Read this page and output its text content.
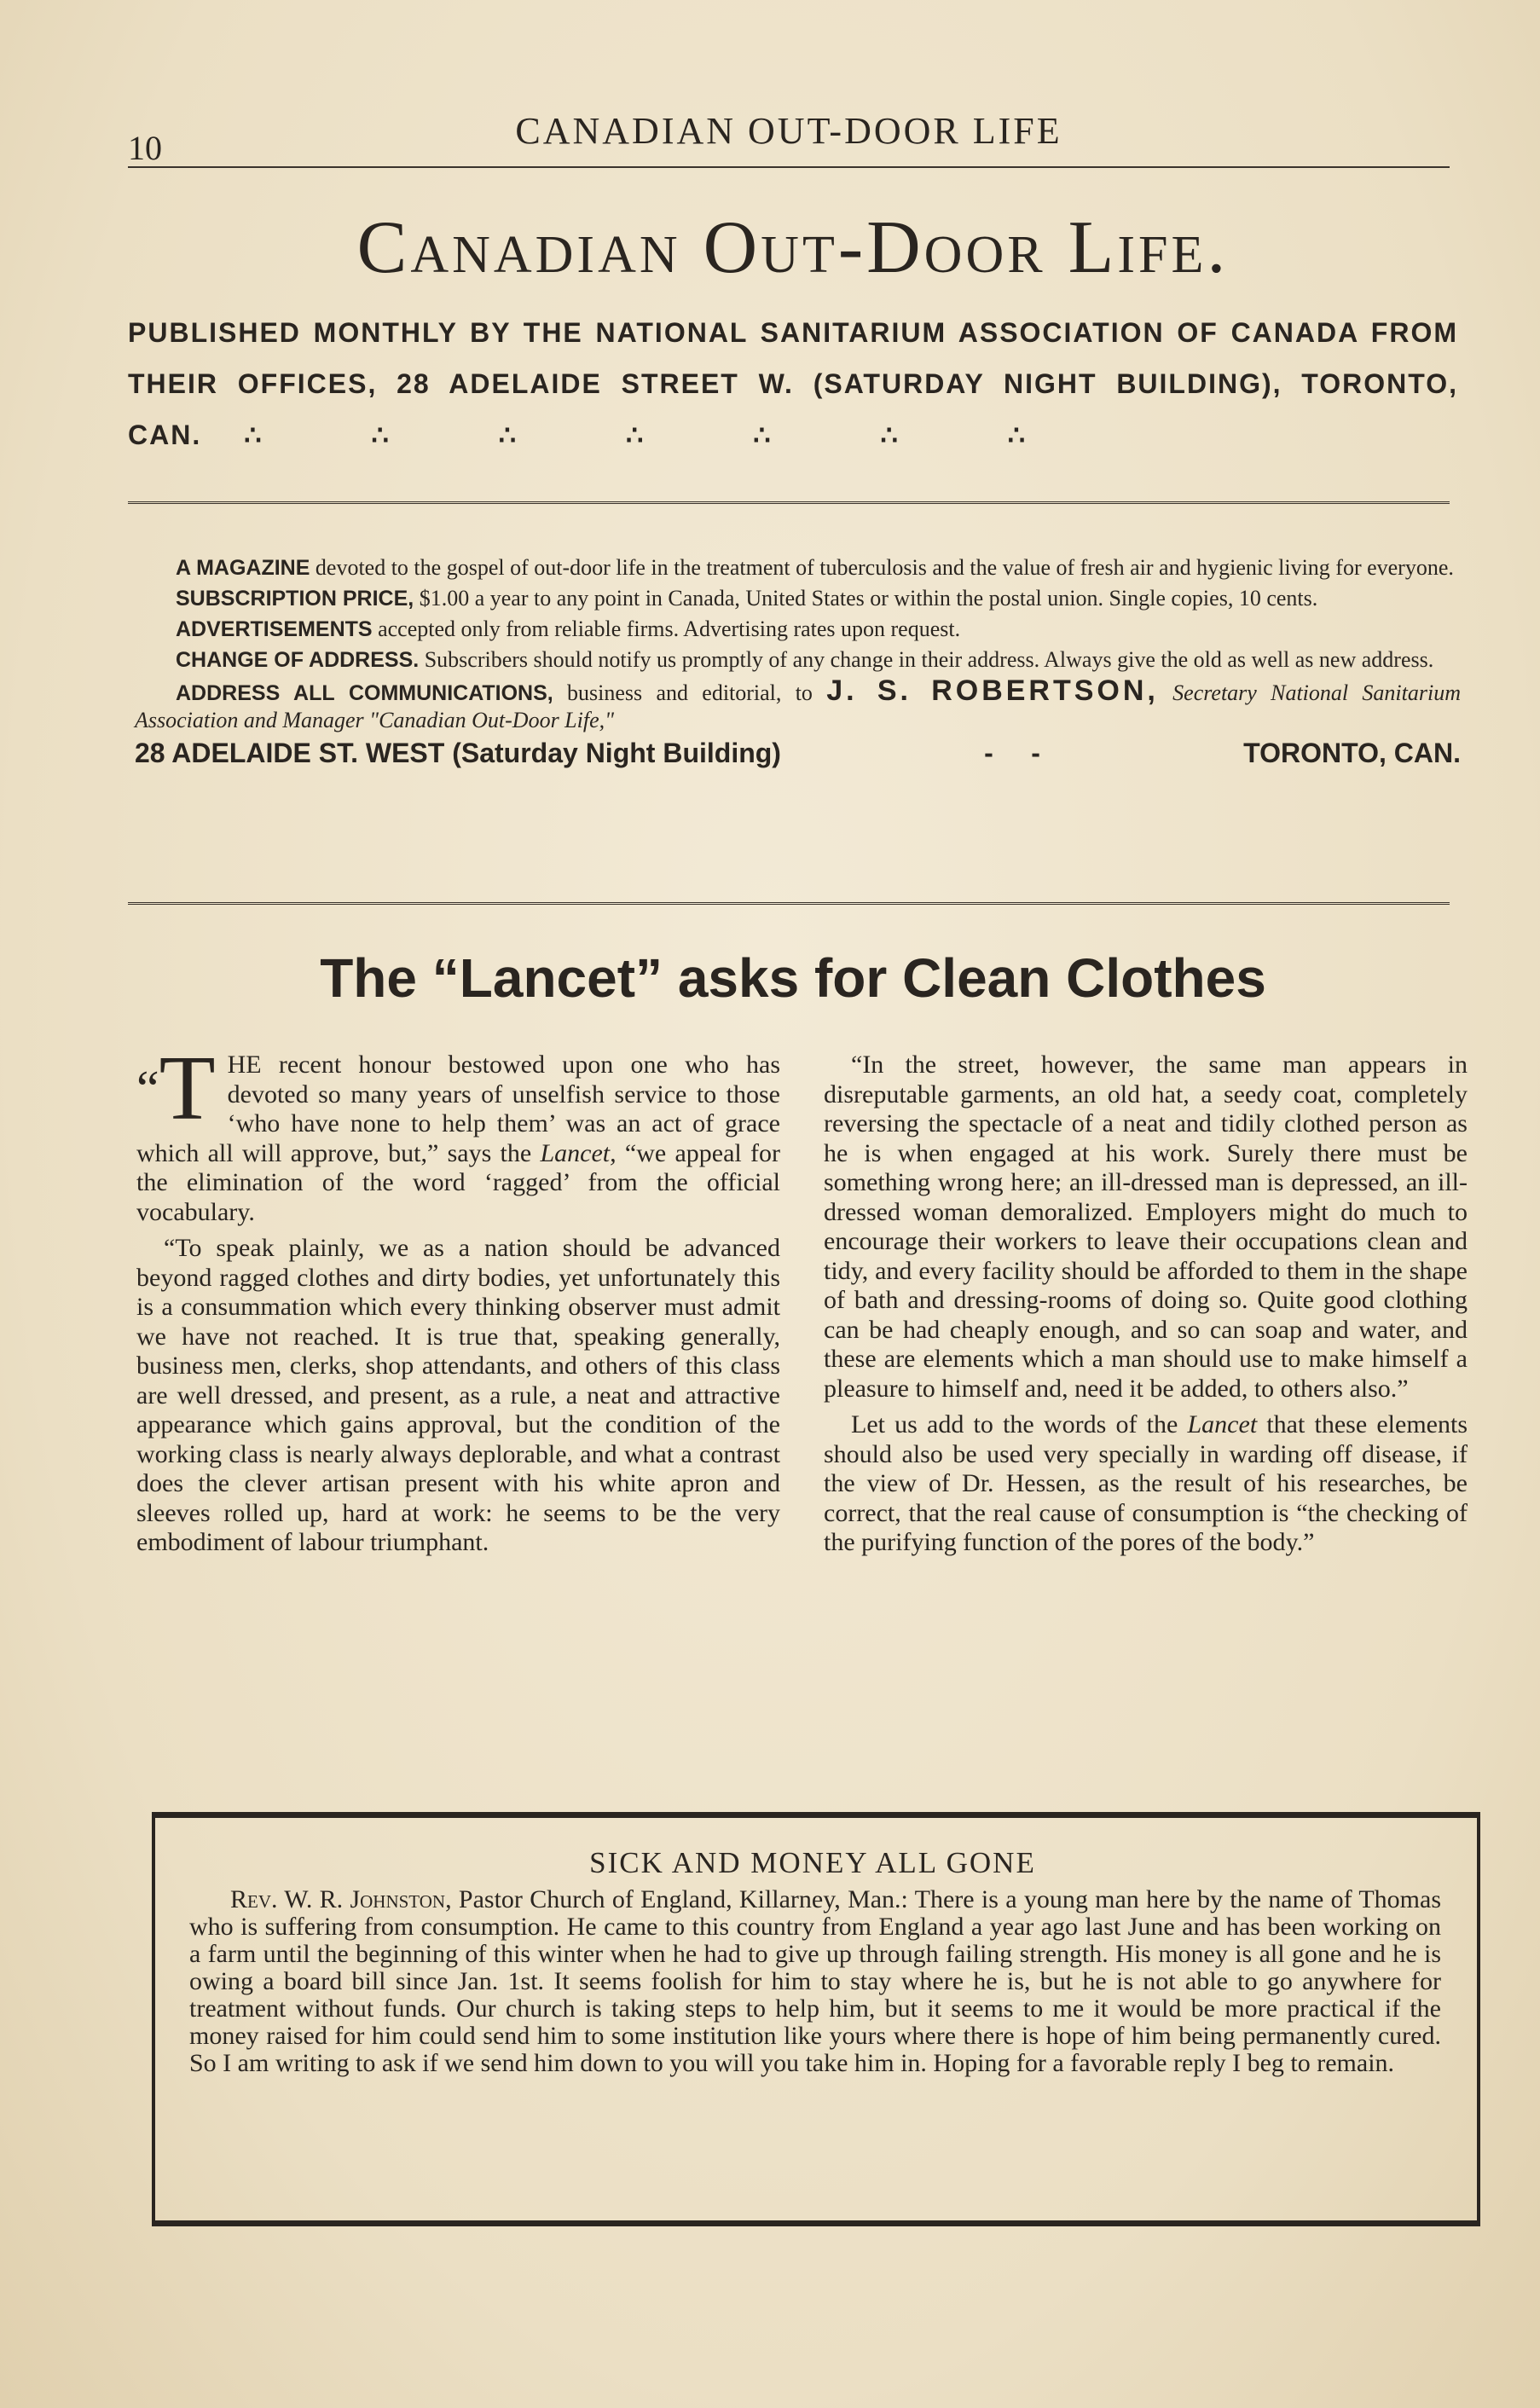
10	CANADIAN OUT-DOOR LIFE
Canadian Out-Door Life.
PUBLISHED MONTHLY BY THE NATIONAL SANITARIUM ASSOCIATION OF CANADA FROM THEIR OFFICES, 28 ADELAIDE STREET W. (SATURDAY NIGHT BUILDING), TORONTO, CAN. ∴ ∴ ∴ ∴ ∴ ∴ ∴

A MAGAZINE devoted to the gospel of out-door life in the treatment of tuberculosis and the value of fresh air and hygienic living for everyone.

SUBSCRIPTION PRICE, $1.00 a year to any point in Canada, United States or within the postal union. Single copies, 10 cents.

ADVERTISEMENTS accepted only from reliable firms. Advertising rates upon request.

CHANGE OF ADDRESS. Subscribers should notify us promptly of any change in their address. Always give the old as well as new address.

ADDRESS ALL COMMUNICATIONS, business and editorial, to J. S. ROBERTSON, Secretary National Sanitarium Association and Manager "Canadian Out-Door Life,"

28 ADELAIDE ST. WEST (Saturday Night Building)	-     -	TORONTO, CAN.
The “Lancet” asks for Clean Clothes

“T HE recent honour bestowed upon one who has devoted so many years of unselfish service to those ‘who have none to help them’ was an act of grace which all will approve, but,” says the Lancet, “we appeal for the elimination of the word ‘ragged’ from the official vocabulary.

“To speak plainly, we as a nation should be advanced beyond ragged clothes and dirty bodies, yet unfortunately this is a consummation which every thinking observer must admit we have not reached. It is true that, speaking generally, business men, clerks, shop attendants, and others of this class are well dressed, and present, as a rule, a neat and attractive appearance which gains approval, but the condition of the working class is nearly always deplorable, and what a contrast does the clever artisan present with his white apron and sleeves rolled up, hard at work: he seems to be the very embodiment of labour triumphant.

“In the street, however, the same man appears in disreputable garments, an old hat, a seedy coat, completely reversing the spectacle of a neat and tidily clothed person as he is when engaged at his work. Surely there must be something wrong here; an ill-dressed man is depressed, an ill-dressed woman demoralized. Employers might do much to encourage their workers to leave their occupations clean and tidy, and every facility should be afforded to them in the shape of bath and dressing-rooms of doing so. Quite good clothing can be had cheaply enough, and so can soap and water, and these are elements which a man should use to make himself a pleasure to himself and, need it be added, to others also.”

Let us add to the words of the Lancet that these elements should also be used very specially in warding off disease, if the view of Dr. Hessen, as the result of his researches, be correct, that the real cause of consumption is “the checking of the purifying function of the pores of the body.”

SICK AND MONEY ALL GONE
Rev. W. R. Johnston, Pastor Church of England, Killarney, Man.: There is a young man here by the name of Thomas who is suffering from consumption. He came to this country from England a year ago last June and has been working on a farm until the beginning of this winter when he had to give up through failing strength. His money is all gone and he is owing a board bill since Jan. 1st. It seems foolish for him to stay where he is, but he is not able to go anywhere for treatment without funds. Our church is taking steps to help him, but it seems to me it would be more practical if the money raised for him could send him to some institution like yours where there is hope of him being permanently cured. So I am writing to ask if we send him down to you will you take him in. Hoping for a favorable reply I beg to remain.
